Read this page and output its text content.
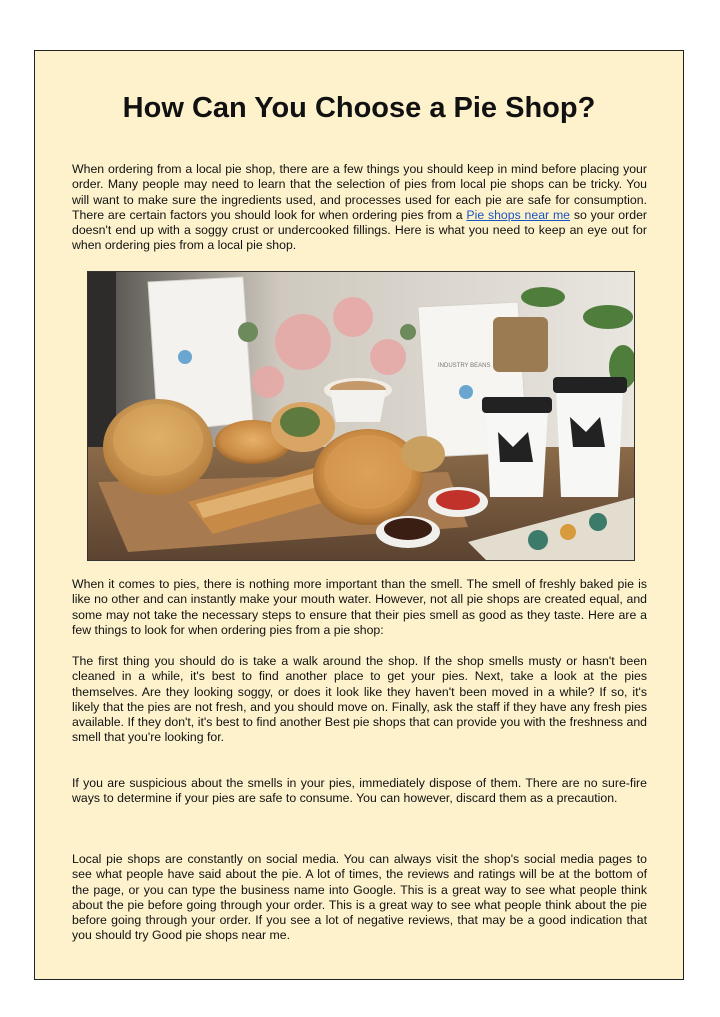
How Can You Choose a Pie Shop?

When ordering from a local pie shop, there are a few things you should keep in mind before placing your order. Many people may need to learn that the selection of pies from local pie shops can be tricky. You will want to make sure the ingredients used, and processes used for each pie are safe for consumption. There are certain factors you should look for when ordering pies from a Pie shops near me so your order doesn't end up with a soggy crust or undercooked fillings. Here is what you need to keep an eye out for when ordering pies from a local pie shop.

INDUSTRY BEANS

When it comes to pies, there is nothing more important than the smell. The smell of freshly baked pie is like no other and can instantly make your mouth water. However, not all pie shops are created equal, and some may not take the necessary steps to ensure that their pies smell as good as they taste. Here are a few things to look for when ordering pies from a pie shop:

The first thing you should do is take a walk around the shop. If the shop smells musty or hasn't been cleaned in a while, it's best to find another place to get your pies. Next, take a look at the pies themselves. Are they looking soggy, or does it look like they haven't been moved in a while? If so, it's likely that the pies are not fresh, and you should move on. Finally, ask the staff if they have any fresh pies available. If they don't, it's best to find another Best pie shops that can provide you with the freshness and smell that you're looking for.

If you are suspicious about the smells in your pies, immediately dispose of them. There are no sure-fire ways to determine if your pies are safe to consume. You can however, discard them as a precaution.

Local pie shops are constantly on social media. You can always visit the shop's social media pages to see what people have said about the pie. A lot of times, the reviews and ratings will be at the bottom of the page, or you can type the business name into Google. This is a great way to see what people think about the pie before going through your order. This is a great way to see what people think about the pie before going through your order. If you see a lot of negative reviews, that may be a good indication that you should try Good pie shops near me.
